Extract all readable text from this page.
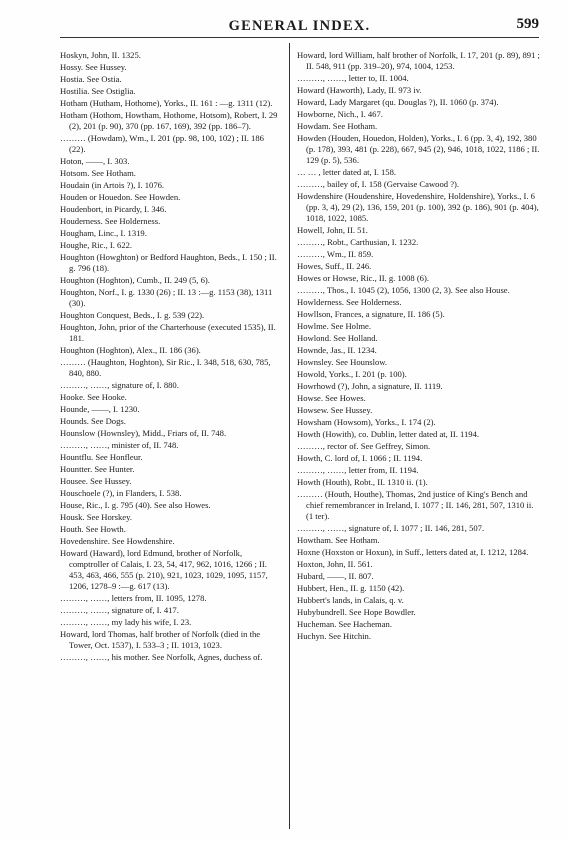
GENERAL INDEX.	599
Hoskyn, John, II. 1325.
Hossy. See Hussey.
Hostia. See Ostia.
Hostilia. See Ostiglia.
Hotham (Hutham, Hothome), Yorks., II. 161 : —g. 1311 (12).
Hotham (Hothom, Howtham, Hothome, Hotsom), Robert, I. 29 (2), 201 (p. 90), 370 (pp. 167, 169), 392 (pp. 186–7).
……… (Howdam), Wm., I. 201 (pp. 98, 100, 102) ; II. 186 (22).
Hoton, ——, I. 303.
Hotsom. See Hotham.
Houdain (in Artois ?), I. 1076.
Houden or Houedon. See Howden.
Houdenbort, in Picardy, I. 346.
Houderness. See Holderness.
Hougham, Linc., I. 1319.
Houghe, Ric., I. 622.
Houghton (Howghton) or Bedford Haughton, Beds., I. 150 ; II. g. 796 (18).
Houghton (Hoghton), Cumb., II. 249 (5, 6).
Houghton, Norf., I. g. 1330 (26) ; II. 13 :—g. 1153 (38), 1311 (30).
Houghton Conquest, Beds., I. g. 539 (22).
Houghton, John, prior of the Charterhouse (executed 1535), II. 181.
Houghton (Hoghton), Alex., II. 186 (36).
……… (Haughton, Hoghton), Sir Ric., I. 348, 518, 630, 785, 840, 880.
………, ……, signature of, I. 880.
Hooke. See Hooke.
Hounde, ——, I. 1230.
Hounds. See Dogs.
Hounslow (Hownsley), Midd., Friars of, II. 748.
………, ……, minister of, II. 748.
Hountflu. See Honfleur.
Hountter. See Hunter.
Housee. See Hussey.
Houschoele (?), in Flanders, I. 538.
House, Ric., I. g. 795 (40). See also Howes.
Housk. See Horskey.
Houth. See Howth.
Hovedenshire. See Howdenshire.
Howard (Haward), lord Edmund, brother of Norfolk, comptroller of Calais, I. 23, 54, 417, 962, 1016, 1266 ; II. 453, 463, 466, 555 (p. 210), 921, 1023, 1029, 1095, 1157, 1206, 1278–9 :—g. 617 (13).
………, ……, letters from, II. 1095, 1278.
………, ……, signature of, I. 417.
………, ……, my lady his wife, I. 23.
Howard, lord Thomas, half brother of Norfolk (died in the Tower, Oct. 1537), I. 533–3 ; II. 1013, 1023.
………, ……, his mother. See Norfolk, Agnes, duchess of.
Howard, lord William, half brother of Norfolk, I. 17, 201 (p. 89), 891 ; II. 548, 911 (pp. 319–20), 974, 1004, 1253.
………, ……, letter to, II. 1004.
Howard (Haworth), Lady, II. 973 iv.
Howard, Lady Margaret (qu. Douglas ?), II. 1060 (p. 374).
Howborne, Nich., I. 467.
Howdam. See Hotham.
Howden (Houden, Houedon, Holden), Yorks., I. 6 (pp. 3, 4), 192, 380 (p. 178), 393, 481 (p. 228), 667, 945 (2), 946, 1018, 1022, 1186 ; II. 129 (p. 5), 536.
… … , letter dated at, I. 158.
………, bailey of, I. 158 (Gervaise Cawood ?).
Howdenshire (Houdenshire, Hovedenshire, Holdenshire), Yorks., I. 6 (pp. 3, 4), 29 (2), 136, 159, 201 (p. 100), 392 (p. 186), 901 (p. 404), 1018, 1022, 1085.
Howell, John, II. 51.
………, Robt., Carthusian, I. 1232.
………, Wm., II. 859.
Howes, Suff., II. 246.
Howes or Howse, Ric., II. g. 1008 (6).
………, Thos., I. 1045 (2), 1056, 1300 (2, 3). See also House.
Howlderness. See Holderness.
Howllson, Frances, a signature, II. 186 (5).
Howlme. See Holme.
Howlond. See Holland.
Hownde, Jas., II. 1234.
Hownsley. See Hounslow.
Howold, Yorks., I. 201 (p. 100).
Howrhowd (?), John, a signature, II. 1119.
Howse. See Howes.
Howsew. See Hussey.
Howsham (Howsom), Yorks., I. 174 (2).
Howth (Howith), co. Dublin, letter dated at, II. 1194.
………, rector of. See Geffrey, Simon.
Howth, C. lord of, I. 1066 ; II. 1194.
………, ……, letter from, II. 1194.
Howth (Houth), Robt., II. 1310 ii. (1).
……… (Houth, Houthe), Thomas, 2nd justice of King's Bench and chief remembrancer in Ireland, I. 1077 ; II. 146, 281, 507, 1310 ii. (1 ter).
………, ……, signature of, I. 1077 ; II. 146, 281, 507.
Howtham. See Hotham.
Hoxne (Hoxston or Hoxun), in Suff., letters dated at, I. 1212, 1284.
Hoxton, John, II. 561.
Hubard, ——, II. 807.
Hubbert, Hen., II. g. 1150 (42).
Hubbert's lands, in Calais, q. v.
Hubybundrell. See Hope Bowdler.
Hucheman. See Hacheman.
Huchyn. See Hitchin.
